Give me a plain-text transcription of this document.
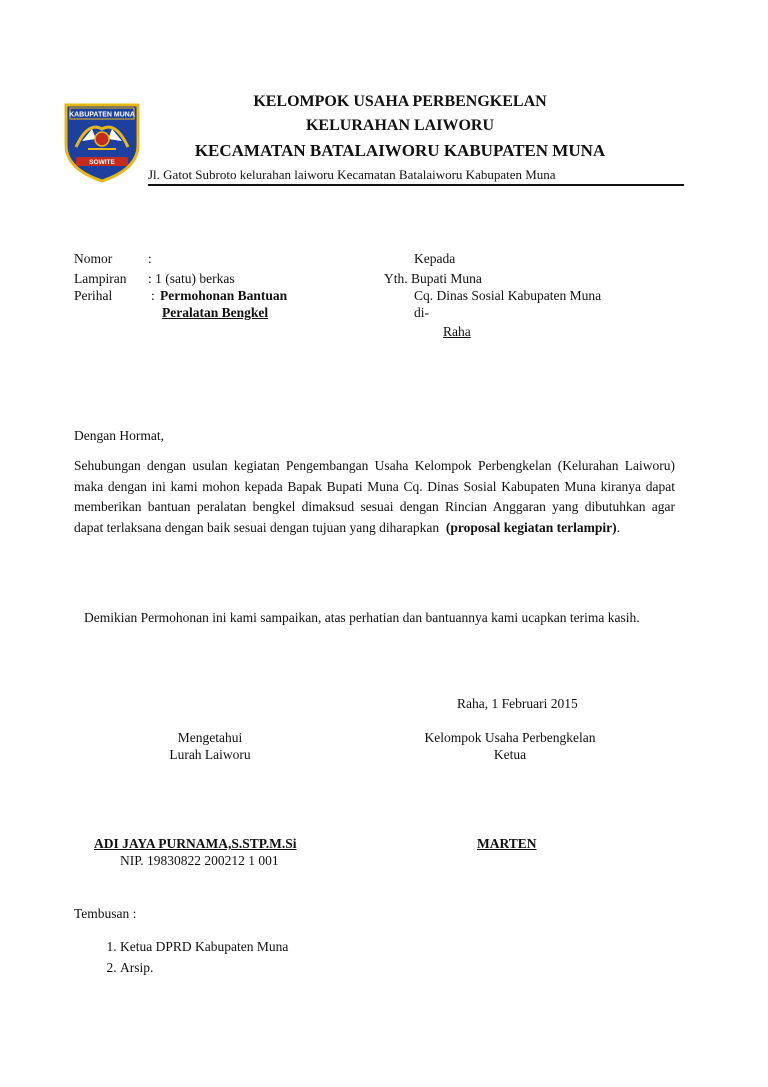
KABUPATEN MUNA
SOWITE
KELOMPOK USAHA PERBENGKELAN
KELURAHAN LAIWORU
KECAMATAN BATALAIWORU KABUPATEN MUNA
Jl. Gatot Subroto kelurahan laiworu Kecamatan Batalaiworu Kabupaten Muna
Nomor	:
Lampiran : 1 (satu) berkas
Perihal	: Permohonan Bantuan
Peralatan Bengkel
Kepada
Yth. Bupati Muna
Cq. Dinas Sosial Kabupaten Muna
di-
Raha
Dengan Hormat,
Sehubungan dengan usulan kegiatan Pengembangan Usaha Kelompok Perbengkelan (Kelurahan Laiworu) maka dengan ini kami mohon kepada Bapak Bupati Muna Cq. Dinas Sosial Kabupaten Muna kiranya dapat memberikan bantuan peralatan bengkel dimaksud sesuai dengan Rincian Anggaran yang dibutuhkan agar dapat terlaksana dengan baik sesuai dengan tujuan yang diharapkan (proposal kegiatan terlampir).
Demikian Permohonan ini kami sampaikan, atas perhatian dan bantuannya kami ucapkan terima kasih.
Raha, 1 Februari 2015
Mengetahui
Lurah Laiworu
Kelompok Usaha Perbengkelan
Ketua
ADI JAYA PURNAMA,S.STP.M.Si
NIP. 19830822 200212 1 001
MARTEN
Tembusan :
1. Ketua DPRD Kabupaten Muna
2. Arsip.
